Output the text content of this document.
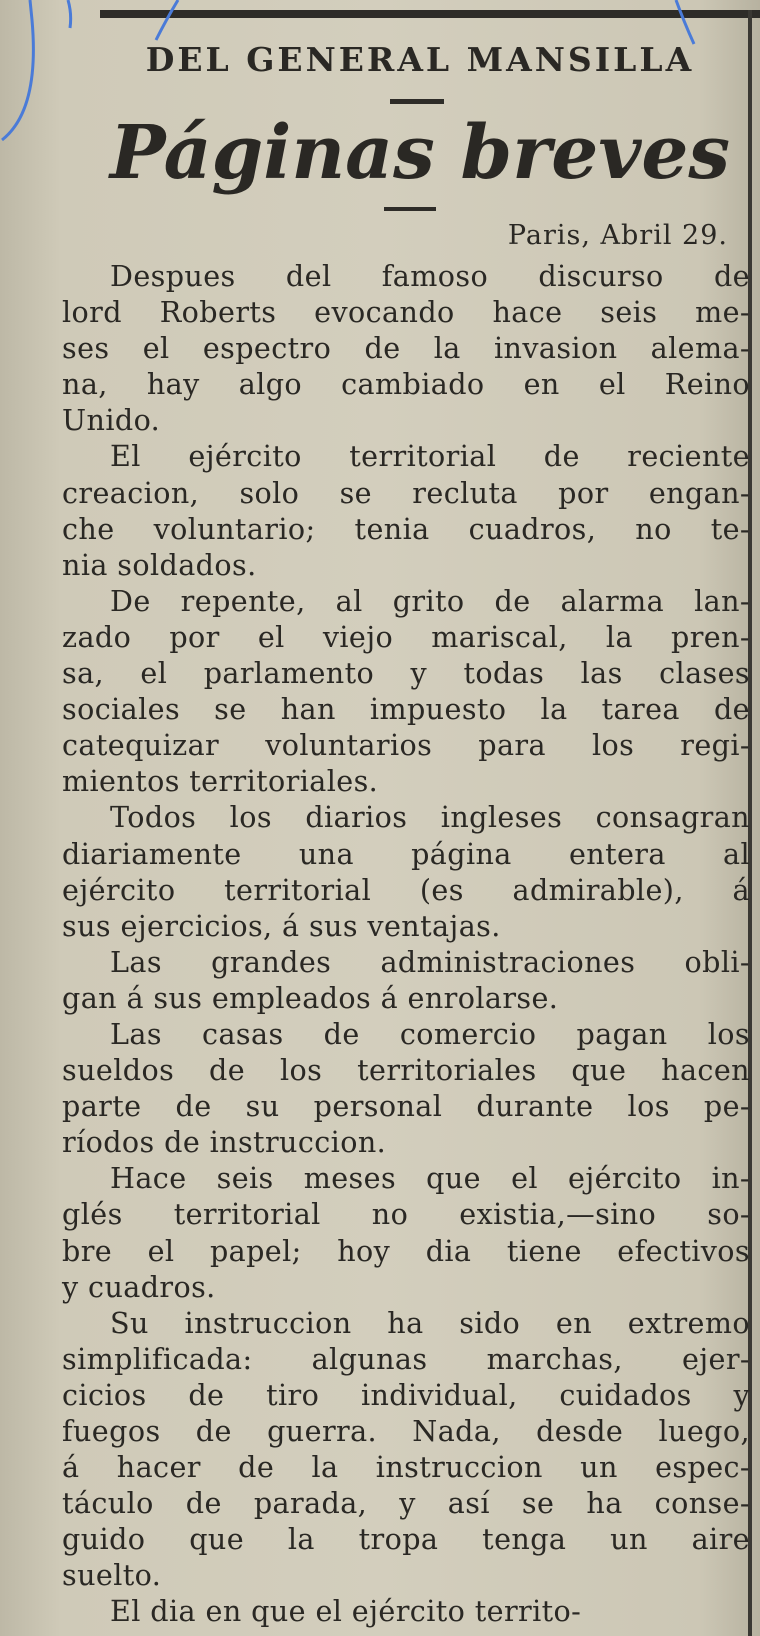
DEL GENERAL MANSILLA
Páginas breves
Paris, Abril 29.
Despues del famoso discurso de
lord Roberts evocando hace seis me-
ses el espectro de la invasion alema-
na, hay algo cambiado en el Reino
Unido.
El ejército territorial de reciente
creacion, solo se recluta por engan-
che voluntario; tenia cuadros, no te-
nia soldados.
De repente, al grito de alarma lan-
zado por el viejo mariscal, la pren-
sa, el parlamento y todas las clases
sociales se han impuesto la tarea de
catequizar voluntarios para los regi-
mientos territoriales.
Todos los diarios ingleses consagran
diariamente una página entera al
ejército territorial (es admirable), á
sus ejercicios, á sus ventajas.
Las grandes administraciones obli-
gan á sus empleados á enrolarse.
Las casas de comercio pagan los
sueldos de los territoriales que hacen
parte de su personal durante los pe-
ríodos de instruccion.
Hace seis meses que el ejército in-
glés territorial no existia,—sino so-
bre el papel; hoy dia tiene efectivos
y cuadros.
Su instruccion ha sido en extremo
simplificada: algunas marchas, ejer-
cicios de tiro individual, cuidados y
fuegos de guerra. Nada, desde luego,
á hacer de la instruccion un espec-
táculo de parada, y así se ha conse-
guido que la tropa tenga un aire
suelto.
El dia en que el ejército territo-
